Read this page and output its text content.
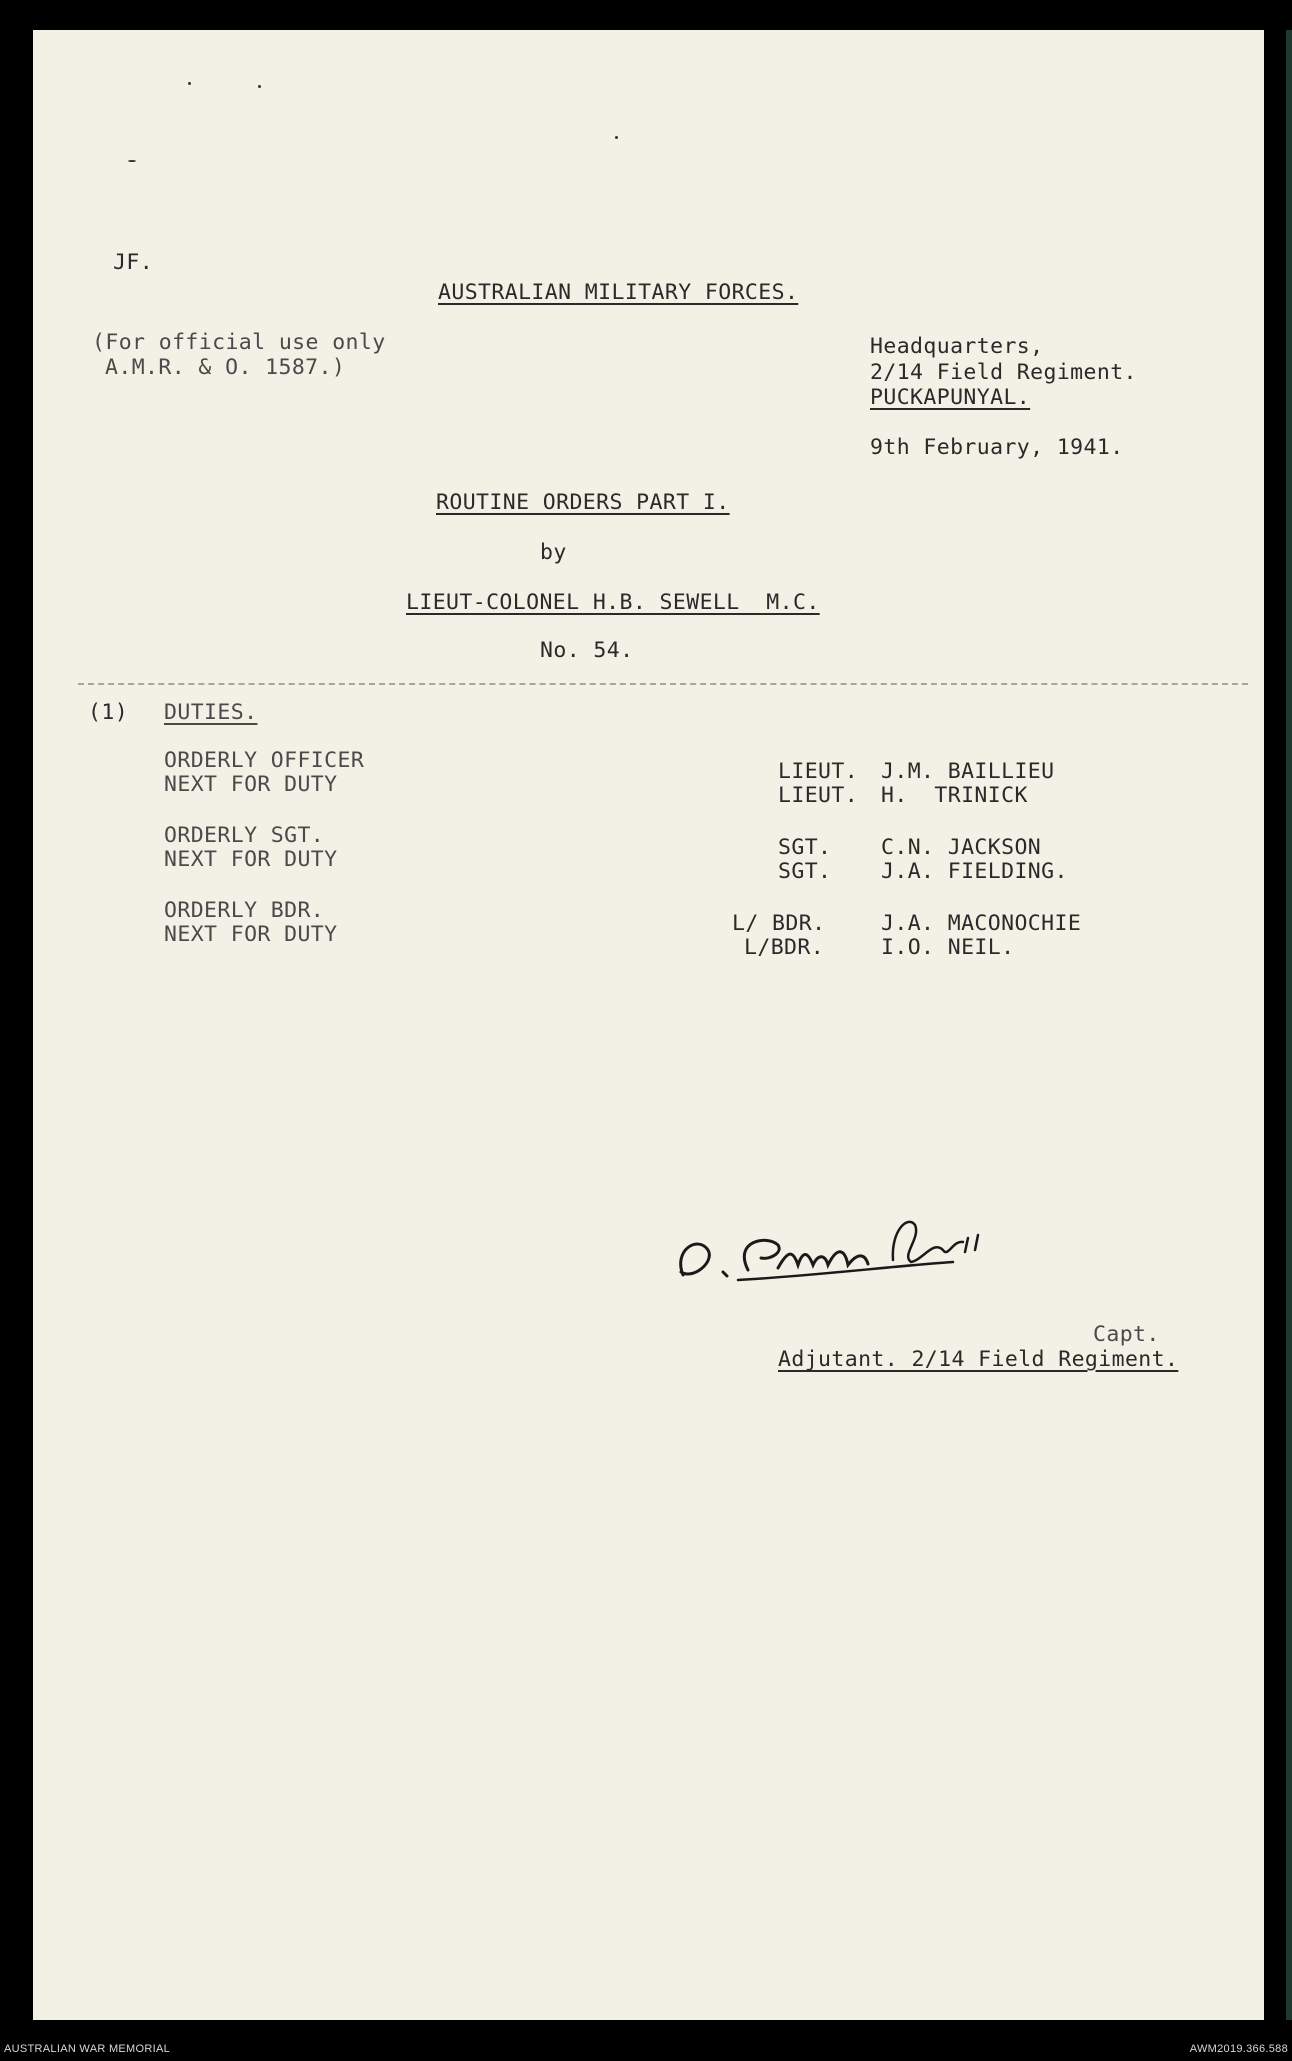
JF.
AUSTRALIAN MILITARY FORCES.
(For official use only
A.M.R. & O. 1587.)
Headquarters,
2/14 Field Regiment.
PUCKAPUNYAL.
9th February, 1941.
ROUTINE ORDERS PART I.
by
LIEUT-COLONEL H.B. SEWELL  M.C.
No. 54.
(1) DUTIES.
ORDERLY OFFICER
NEXT FOR DUTY
ORDERLY SGT.
NEXT FOR DUTY
ORDERLY BDR.
NEXT FOR DUTY
LIEUT.
LIEUT.
SGT.
SGT.
L/ BDR.
L/BDR.
J.M. BAILLIEU
H.  TRINICK
C.N. JACKSON
J.A. FIELDING.
J.A. MACONOCHIE
I.O. NEIL.
Capt.
Adjutant. 2/14 Field Regiment.
AUSTRALIAN WAR MEMORIAL	AWM2019.366.588
